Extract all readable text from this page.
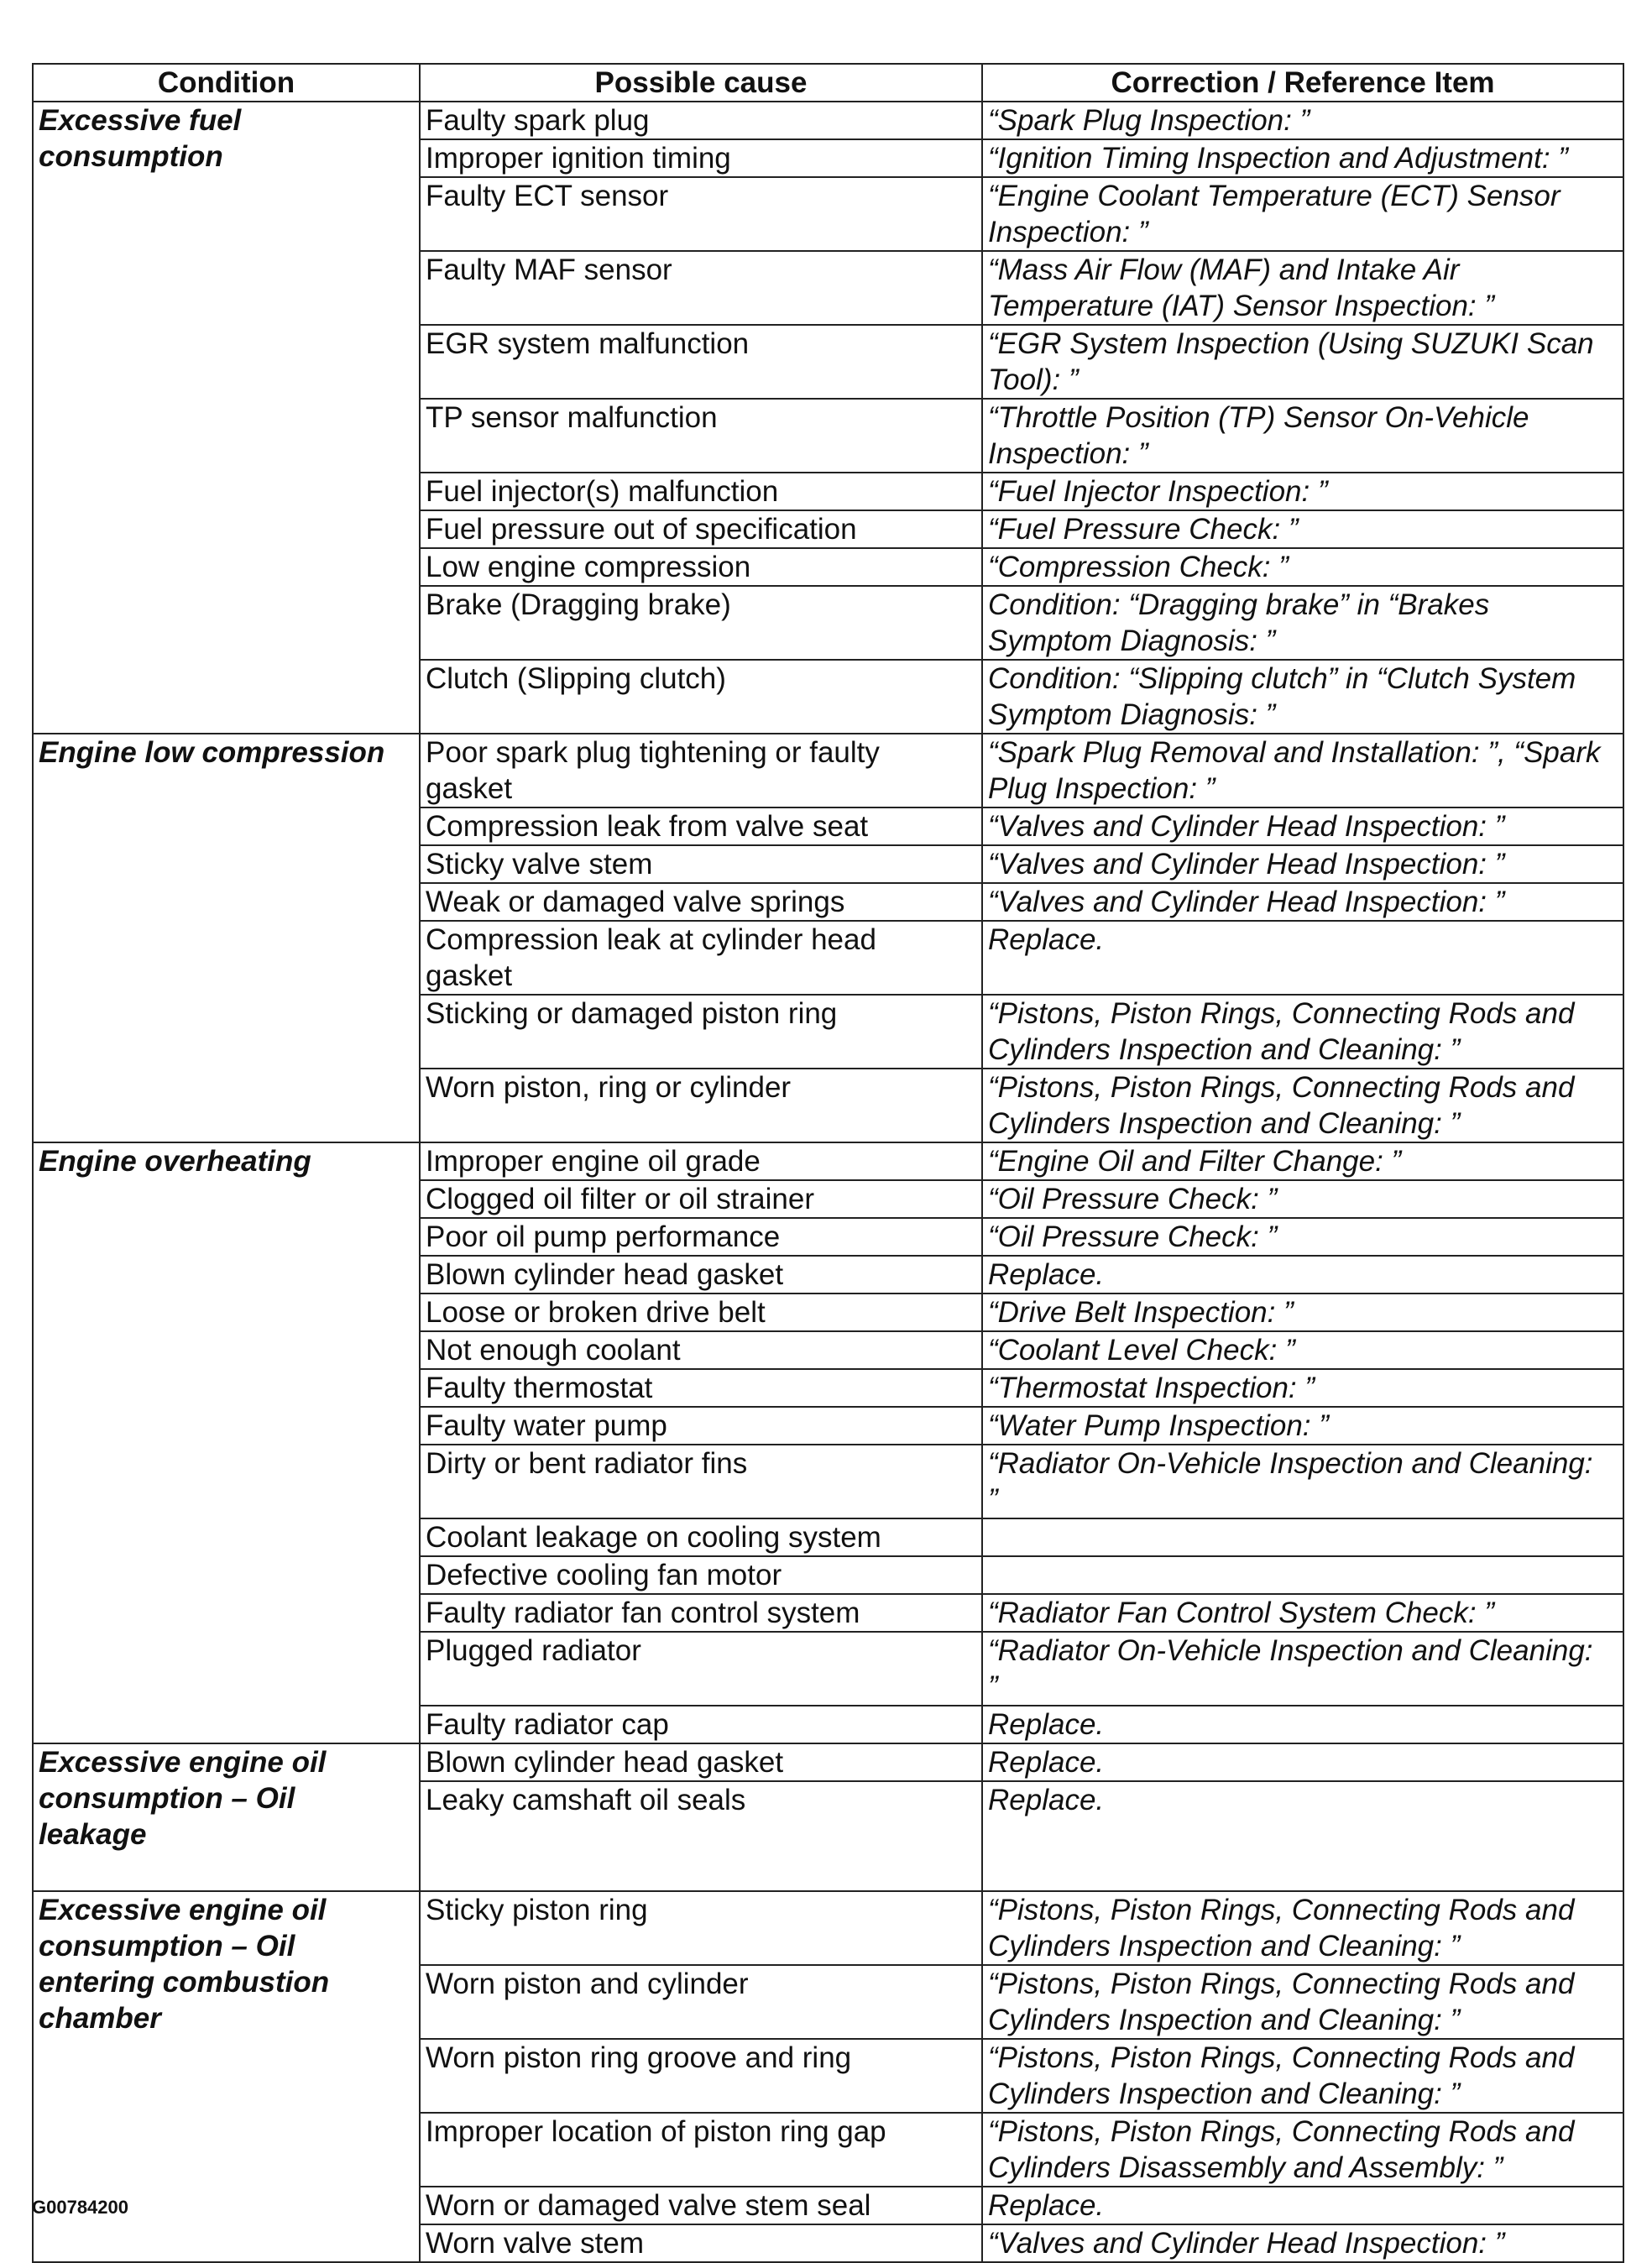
Condition	Possible cause	Correction / Reference Item

Excessive fuel
consumption	Faulty spark plug	“Spark Plug Inspection: ”

	Improper ignition timing	“Ignition Timing Inspection and Adjustment: ”

	Faulty ECT sensor	“Engine Coolant Temperature (ECT) Sensor
Inspection: ”

	Faulty MAF sensor	“Mass Air Flow (MAF) and Intake Air
Temperature (IAT) Sensor Inspection: ”

	EGR system malfunction	“EGR System Inspection (Using SUZUKI Scan
Tool): ”

	TP sensor malfunction	“Throttle Position (TP) Sensor On-Vehicle
Inspection: ”

	Fuel injector(s) malfunction	“Fuel Injector Inspection: ”

	Fuel pressure out of specification	“Fuel Pressure Check: ”

	Low engine compression	“Compression Check: ”

	Brake (Dragging brake)	Condition: “Dragging brake” in “Brakes
Symptom Diagnosis: ”

	Clutch (Slipping clutch)	Condition: “Slipping clutch” in “Clutch System
Symptom Diagnosis: ”

Engine low compression	Poor spark plug tightening or faulty
gasket	“Spark Plug Removal and Installation: ”, “Spark
Plug Inspection: ”

	Compression leak from valve seat	“Valves and Cylinder Head Inspection: ”

	Sticky valve stem	“Valves and Cylinder Head Inspection: ”

	Weak or damaged valve springs	“Valves and Cylinder Head Inspection: ”

	Compression leak at cylinder head
gasket	Replace.

	Sticking or damaged piston ring	“Pistons, Piston Rings, Connecting Rods and
Cylinders Inspection and Cleaning: ”

	Worn piston, ring or cylinder	“Pistons, Piston Rings, Connecting Rods and
Cylinders Inspection and Cleaning: ”

Engine overheating	Improper engine oil grade	“Engine Oil and Filter Change: ”

	Clogged oil filter or oil strainer	“Oil Pressure Check: ”

	Poor oil pump performance	“Oil Pressure Check: ”

	Blown cylinder head gasket	Replace.

	Loose or broken drive belt	“Drive Belt Inspection: ”

	Not enough coolant	“Coolant Level Check: ”

	Faulty thermostat	“Thermostat Inspection: ”

	Faulty water pump	“Water Pump Inspection: ”

	Dirty or bent radiator fins	“Radiator On-Vehicle Inspection and Cleaning:
”

	Coolant leakage on cooling system	

	Defective cooling fan motor	

	Faulty radiator fan control system	“Radiator Fan Control System Check: ”

	Plugged radiator	“Radiator On-Vehicle Inspection and Cleaning:
”

	Faulty radiator cap	Replace.

Excessive engine oil
consumption – Oil
leakage	Blown cylinder head gasket	Replace.

	Leaky camshaft oil seals	Replace.

Excessive engine oil
consumption – Oil
entering combustion
chamber	Sticky piston ring	“Pistons, Piston Rings, Connecting Rods and
Cylinders Inspection and Cleaning: ”

	Worn piston and cylinder	“Pistons, Piston Rings, Connecting Rods and
Cylinders Inspection and Cleaning: ”

	Worn piston ring groove and ring	“Pistons, Piston Rings, Connecting Rods and
Cylinders Inspection and Cleaning: ”

	Improper location of piston ring gap	“Pistons, Piston Rings, Connecting Rods and
Cylinders Disassembly and Assembly: ”

	Worn or damaged valve stem seal	Replace.

	Worn valve stem	“Valves and Cylinder Head Inspection: ”
G00784200
